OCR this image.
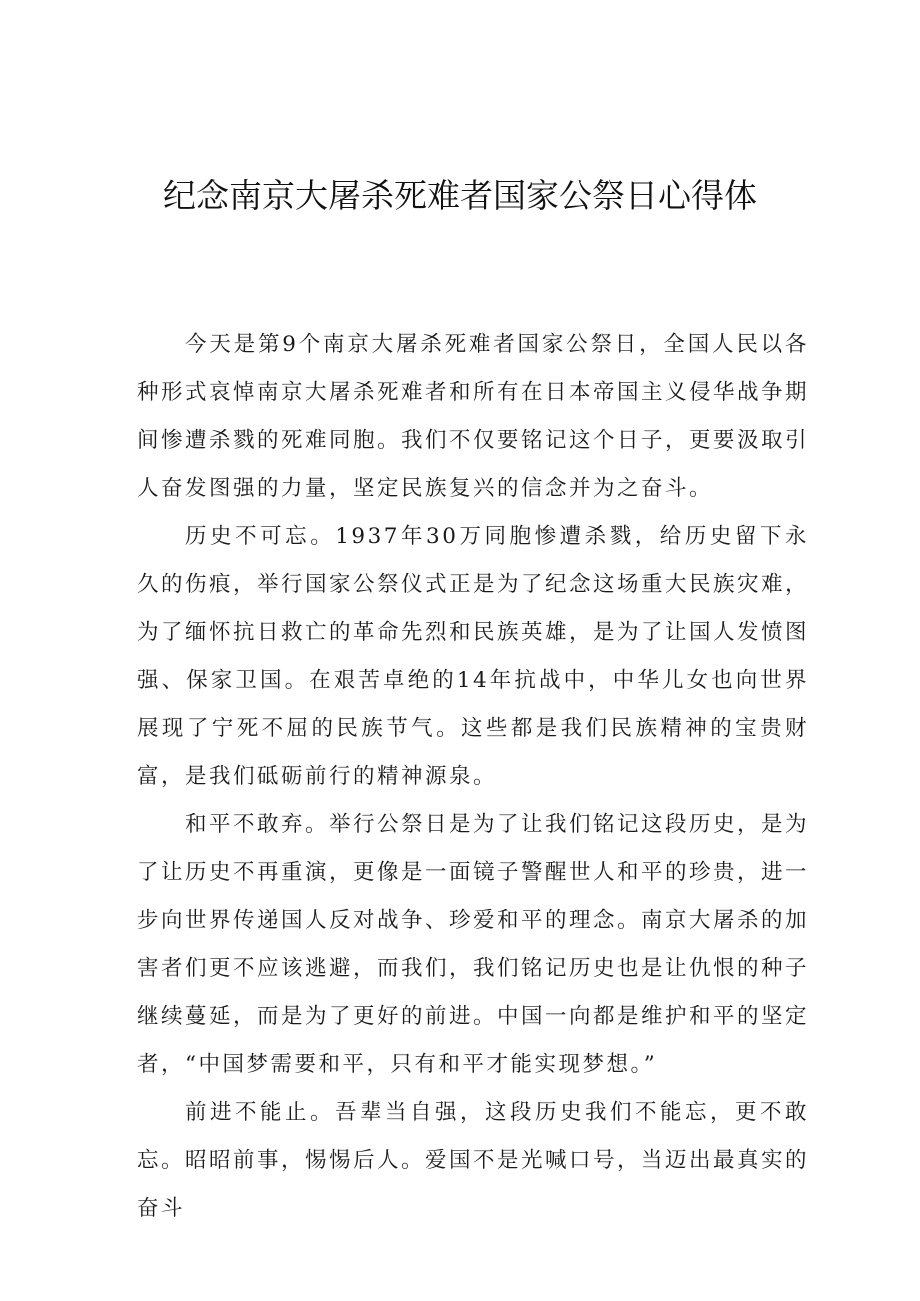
纪念南京大屠杀死难者国家公祭日心得体

今天是第9个南京大屠杀死难者国家公祭日，全国人民以各种形式哀悼南京大屠杀死难者和所有在日本帝国主义侵华战争期间惨遭杀戮的死难同胞。我们不仅要铭记这个日子，更要汲取引人奋发图强的力量，坚定民族复兴的信念并为之奋斗。

历史不可忘。1937年30万同胞惨遭杀戮，给历史留下永久的伤痕，举行国家公祭仪式正是为了纪念这场重大民族灾难，为了缅怀抗日救亡的革命先烈和民族英雄，是为了让国人发愤图强、保家卫国。在艰苦卓绝的14年抗战中，中华儿女也向世界展现了宁死不屈的民族节气。这些都是我们民族精神的宝贵财富，是我们砥砺前行的精神源泉。

和平不敢弃。举行公祭日是为了让我们铭记这段历史，是为了让历史不再重演，更像是一面镜子警醒世人和平的珍贵，进一步向世界传递国人反对战争、珍爱和平的理念。南京大屠杀的加害者们更不应该逃避，而我们，我们铭记历史也是让仇恨的种子继续蔓延，而是为了更好的前进。中国一向都是维护和平的坚定者，“中国梦需要和平，只有和平才能实现梦想。”

前进不能止。吾辈当自强，这段历史我们不能忘，更不敢忘。昭昭前事，惕惕后人。爱国不是光喊口号，当迈出最真实的奋斗
